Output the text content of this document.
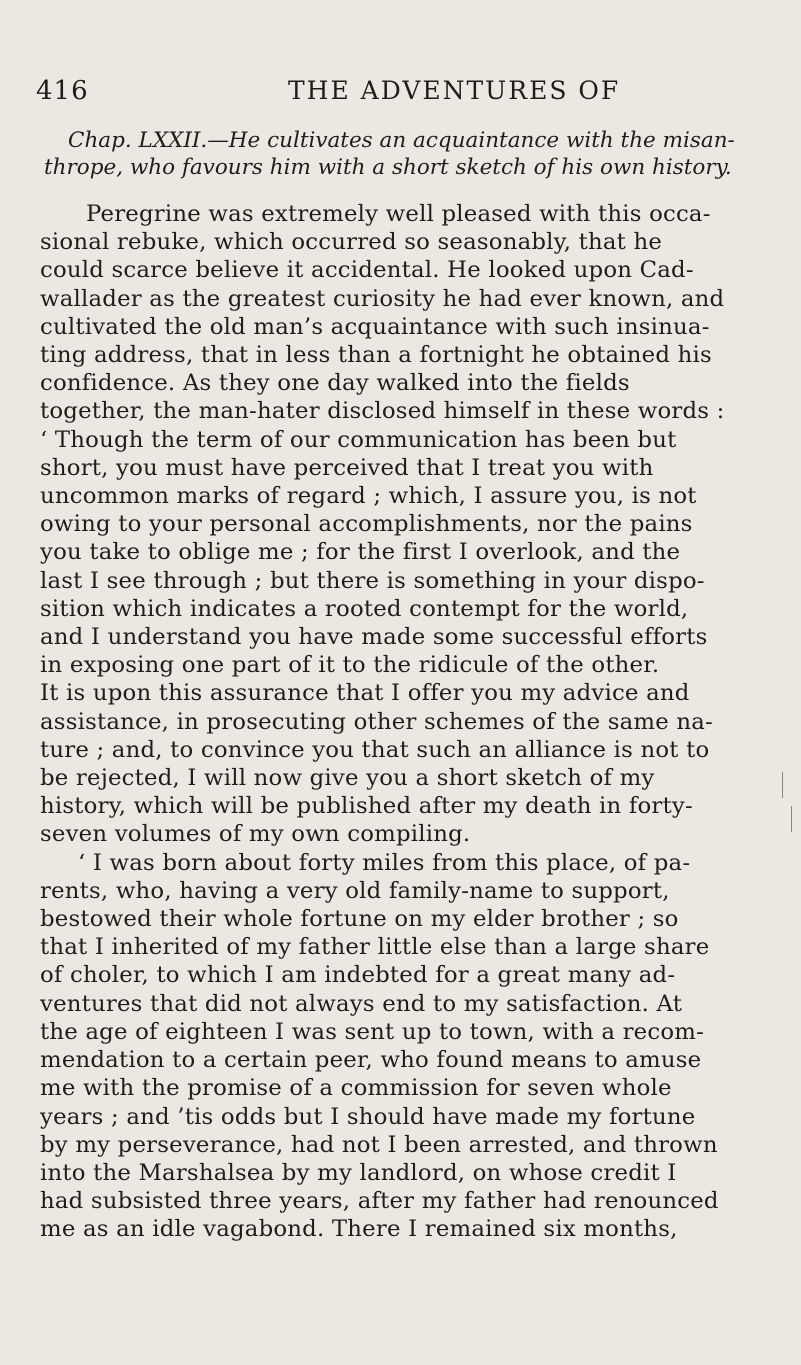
416	THE ADVENTURES OF
Chap. LXXII.—He cultivates an acquaintance with the misan-
thrope, who favours him with a short sketch of his own history.
Peregrine was extremely well pleased with this occa-
sional rebuke, which occurred so seasonably, that he
could scarce believe it accidental. He looked upon Cad-
wallader as the greatest curiosity he had ever known, and
cultivated the old man’s acquaintance with such insinua-
ting address, that in less than a fortnight he obtained his
confidence. As they one day walked into the fields
together, the man-hater disclosed himself in these words :
‘ Though the term of our communication has been but
short, you must have perceived that I treat you with
uncommon marks of regard ; which, I assure you, is not
owing to your personal accomplishments, nor the pains
you take to oblige me ; for the first I overlook, and the
last I see through ; but there is something in your dispo-
sition which indicates a rooted contempt for the world,
and I understand you have made some successful efforts
in exposing one part of it to the ridicule of the other.
It is upon this assurance that I offer you my advice and
assistance, in prosecuting other schemes of the same na-
ture ; and, to convince you that such an alliance is not to
be rejected, I will now give you a short sketch of my
history, which will be published after my death in forty-
seven volumes of my own compiling.
‘ I was born about forty miles from this place, of pa-
rents, who, having a very old family-name to support,
bestowed their whole fortune on my elder brother ; so
that I inherited of my father little else than a large share
of choler, to which I am indebted for a great many ad-
ventures that did not always end to my satisfaction. At
the age of eighteen I was sent up to town, with a recom-
mendation to a certain peer, who found means to amuse
me with the promise of a commission for seven whole
years ; and ’tis odds but I should have made my fortune
by my perseverance, had not I been arrested, and thrown
into the Marshalsea by my landlord, on whose credit I
had subsisted three years, after my father had renounced
me as an idle vagabond. There I remained six months,
